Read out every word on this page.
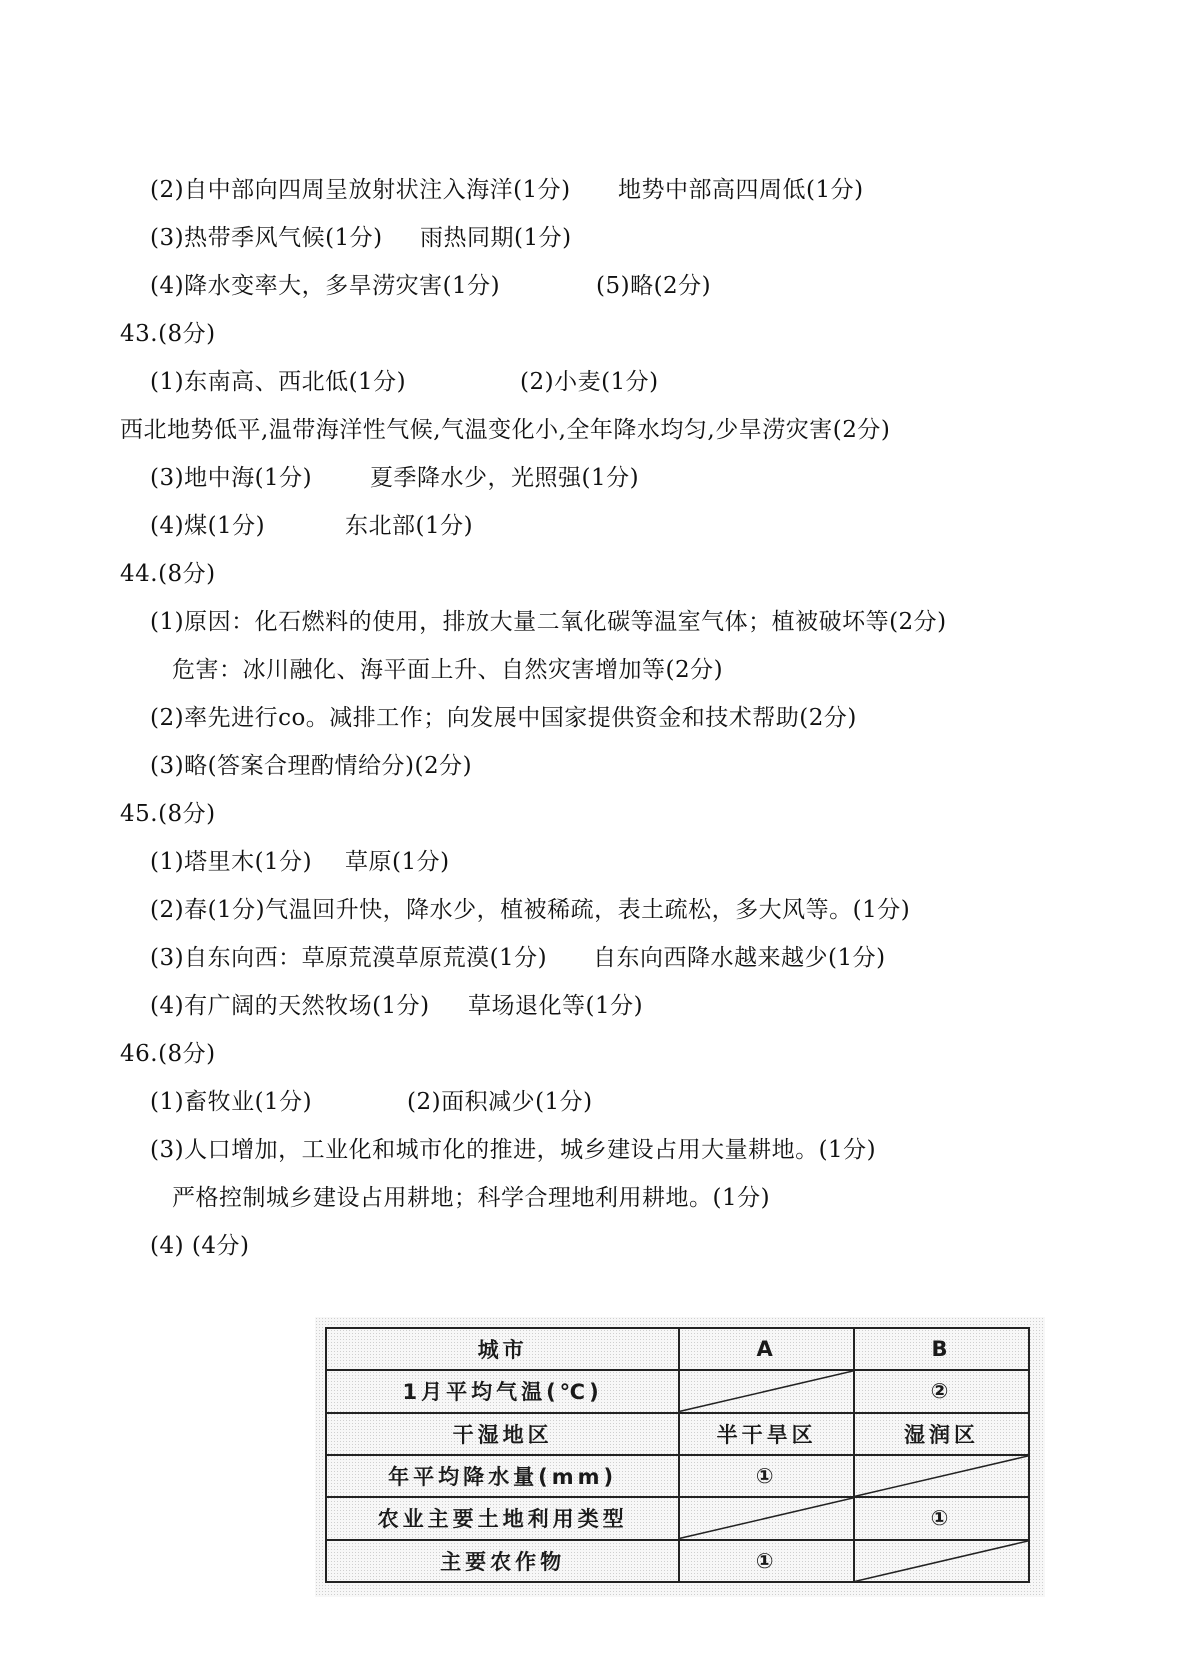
(2)自中部向四周呈放射状注入海洋(1分) 地势中部高四周低(1分)
(3)热带季风气候(1分) 雨热同期(1分)
(4)降水变率大，多旱涝灾害(1分)	(5)略(2分)
43.(8分)
(1)东南高、西北低(1分)	(2)小麦(1分)
西北地势低平,温带海洋性气候,气温变化小,全年降水均匀,少旱涝灾害(2分)
(3)地中海(1分)	夏季降水少，光照强(1分)
(4)煤(1分)	东北部(1分)
44.(8分)
(1)原因：化石燃料的使用，排放大量二氧化碳等温室气体；植被破坏等(2分)
危害：冰川融化、海平面上升、自然灾害增加等(2分)
(2)率先进行co。减排工作；向发展中国家提供资金和技术帮助(2分)
(3)略(答案合理酌情给分)(2分)
45.(8分)
(1)塔里木(1分) 草原(1分)
(2)春(1分)气温回升快，降水少，植被稀疏，表土疏松，多大风等。(1分)
(3)自东向西：草原荒漠草原荒漠(1分) 自东向西降水越来越少(1分)
(4)有广阔的天然牧场(1分) 草场退化等(1分)
46.(8分)
(1)畜牧业(1分)	(2)面积减少(1分)
(3)人口增加，工业化和城市化的推进，城乡建设占用大量耕地。(1分)
严格控制城乡建设占用耕地；科学合理地利用耕地。(1分)
(4) (4分)
城市	A	B
1月平均气温(℃)		②
干湿地区	半干旱区	湿润区
年平均降水量(mm)	①	

农业主要土地利用类型		①
主要农作物	①	
